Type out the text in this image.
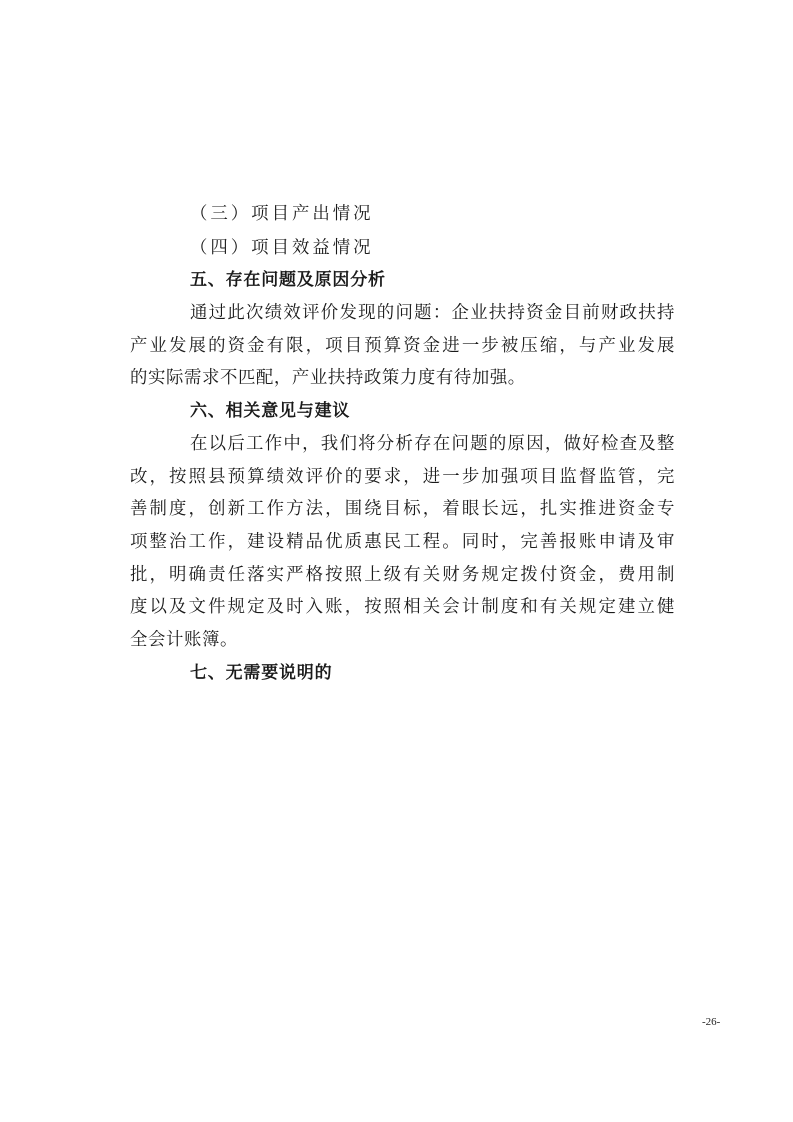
（三）项目产出情况
（四）项目效益情况
五、存在问题及原因分析
通过此次绩效评价发现的问题：企业扶持资金目前财政扶持
产业发展的资金有限，项目预算资金进一步被压缩，与产业发展
的实际需求不匹配，产业扶持政策力度有待加强。
六、相关意见与建议
在以后工作中，我们将分析存在问题的原因，做好检查及整
改，按照县预算绩效评价的要求，进一步加强项目监督监管，完
善制度，创新工作方法，围绕目标，着眼长远，扎实推进资金专
项整治工作，建设精品优质惠民工程。同时，完善报账申请及审
批，明确责任落实严格按照上级有关财务规定拨付资金，费用制
度以及文件规定及时入账，按照相关会计制度和有关规定建立健
全会计账簿。
七、无需要说明的
-26-
